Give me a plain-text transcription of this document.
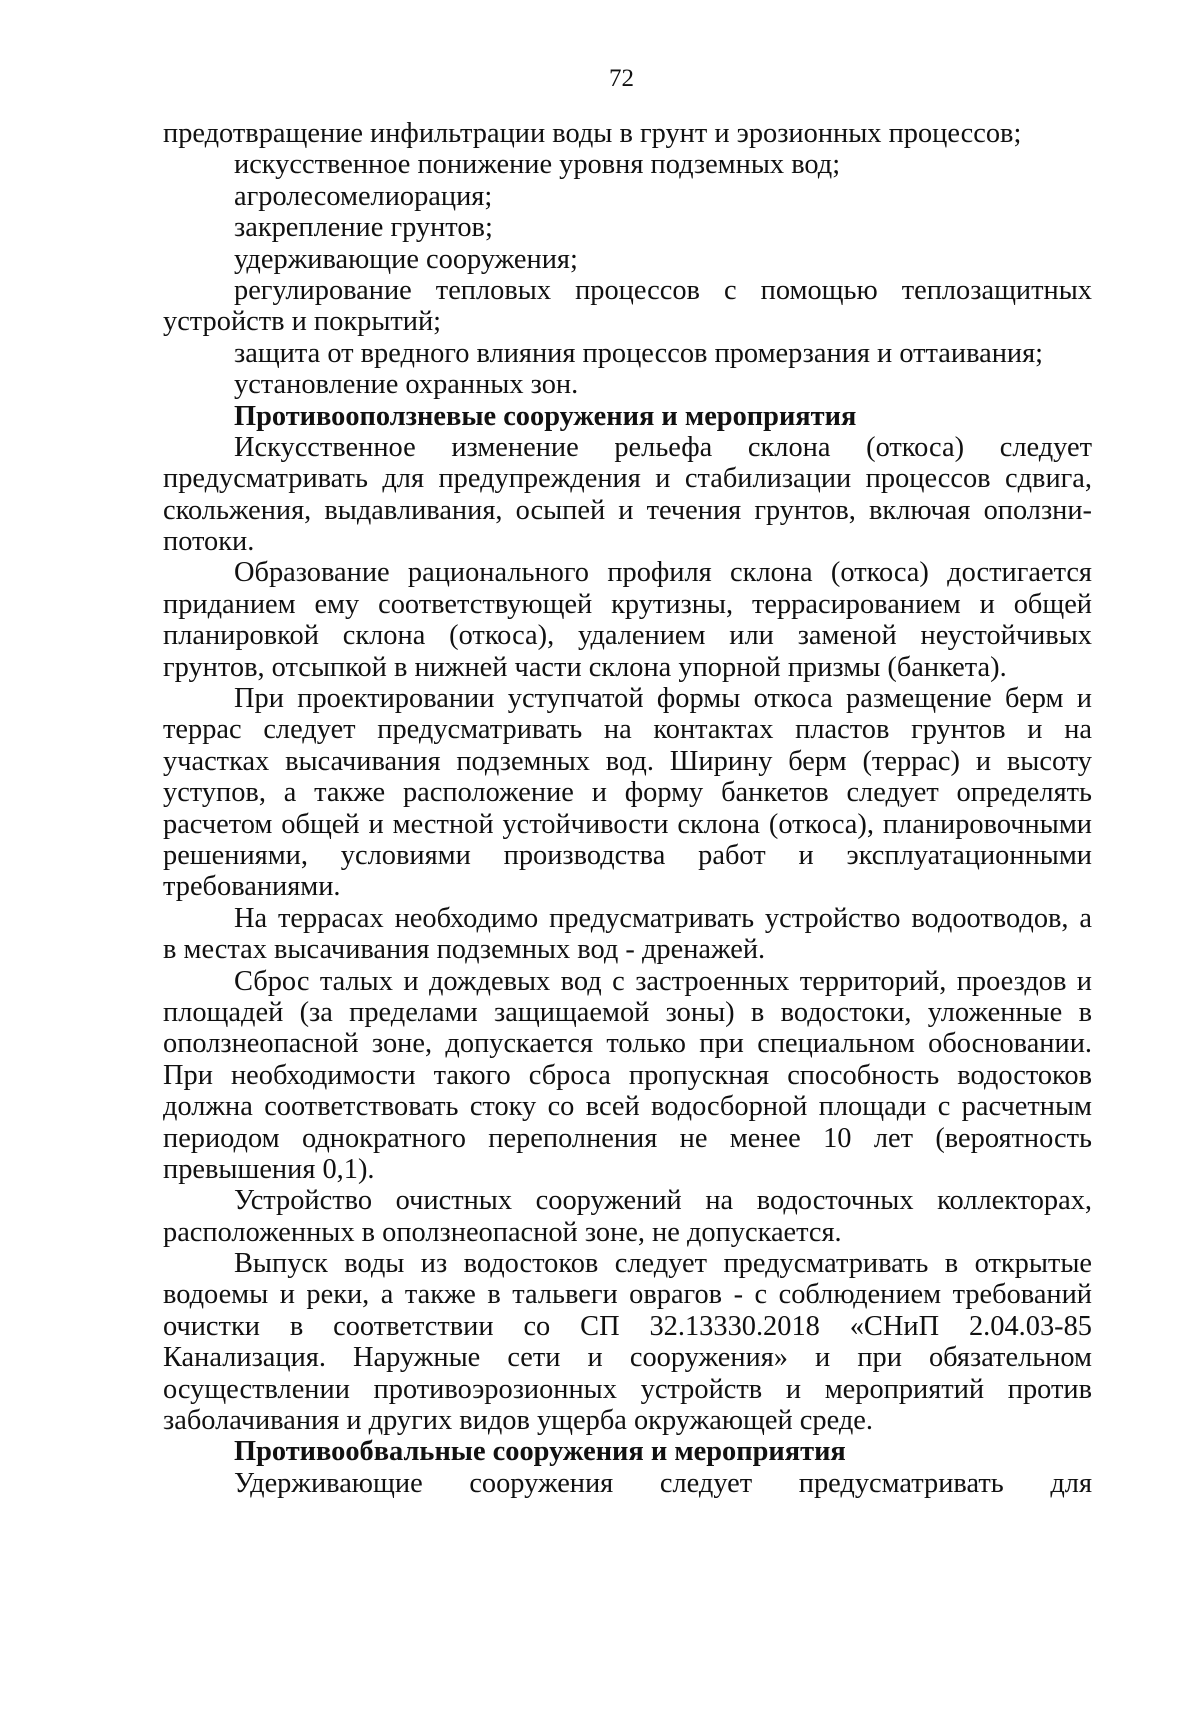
72
предотвращение инфильтрации воды в грунт и эрозионных процессов;
искусственное понижение уровня подземных вод;
агролесомелиорация;
закрепление грунтов;
удерживающие сооружения;
регулирование тепловых процессов с помощью теплозащитных
устройств и покрытий;
защита от вредного влияния процессов промерзания и оттаивания;
установление охранных зон.
Противооползневые сооружения и мероприятия
Искусственное изменение рельефа склона (откоса) следует
предусматривать для предупреждения и стабилизации процессов сдвига,
скольжения, выдавливания, осыпей и течения грунтов, включая оползни-
потоки.
Образование рационального профиля склона (откоса) достигается
приданием ему соответствующей крутизны, террасированием и общей
планировкой склона (откоса), удалением или заменой неустойчивых
грунтов, отсыпкой в нижней части склона упорной призмы (банкета).
При проектировании уступчатой формы откоса размещение берм и
террас следует предусматривать на контактах пластов грунтов и на
участках высачивания подземных вод. Ширину берм (террас) и высоту
уступов, а также расположение и форму банкетов следует определять
расчетом общей и местной устойчивости склона (откоса), планировочными
решениями, условиями производства работ и эксплуатационными
требованиями.
На террасах необходимо предусматривать устройство водоотводов, а
в местах высачивания подземных вод - дренажей.
Сброс талых и дождевых вод с застроенных территорий, проездов и
площадей (за пределами защищаемой зоны) в водостоки, уложенные в
оползнеопасной зоне, допускается только при специальном обосновании.
При необходимости такого сброса пропускная способность водостоков
должна соответствовать стоку со всей водосборной площади с расчетным
периодом однократного переполнения не менее 10 лет (вероятность
превышения 0,1).
Устройство очистных сооружений на водосточных коллекторах,
расположенных в оползнеопасной зоне, не допускается.
Выпуск воды из водостоков следует предусматривать в открытые
водоемы и реки, а также в тальвеги оврагов - с соблюдением требований
очистки в соответствии со СП 32.13330.2018 «СНиП 2.04.03-85
Канализация. Наружные сети и сооружения» и при обязательном
осуществлении противоэрозионных устройств и мероприятий против
заболачивания и других видов ущерба окружающей среде.
Противообвальные сооружения и мероприятия
Удерживающие сооружения следует предусматривать для
